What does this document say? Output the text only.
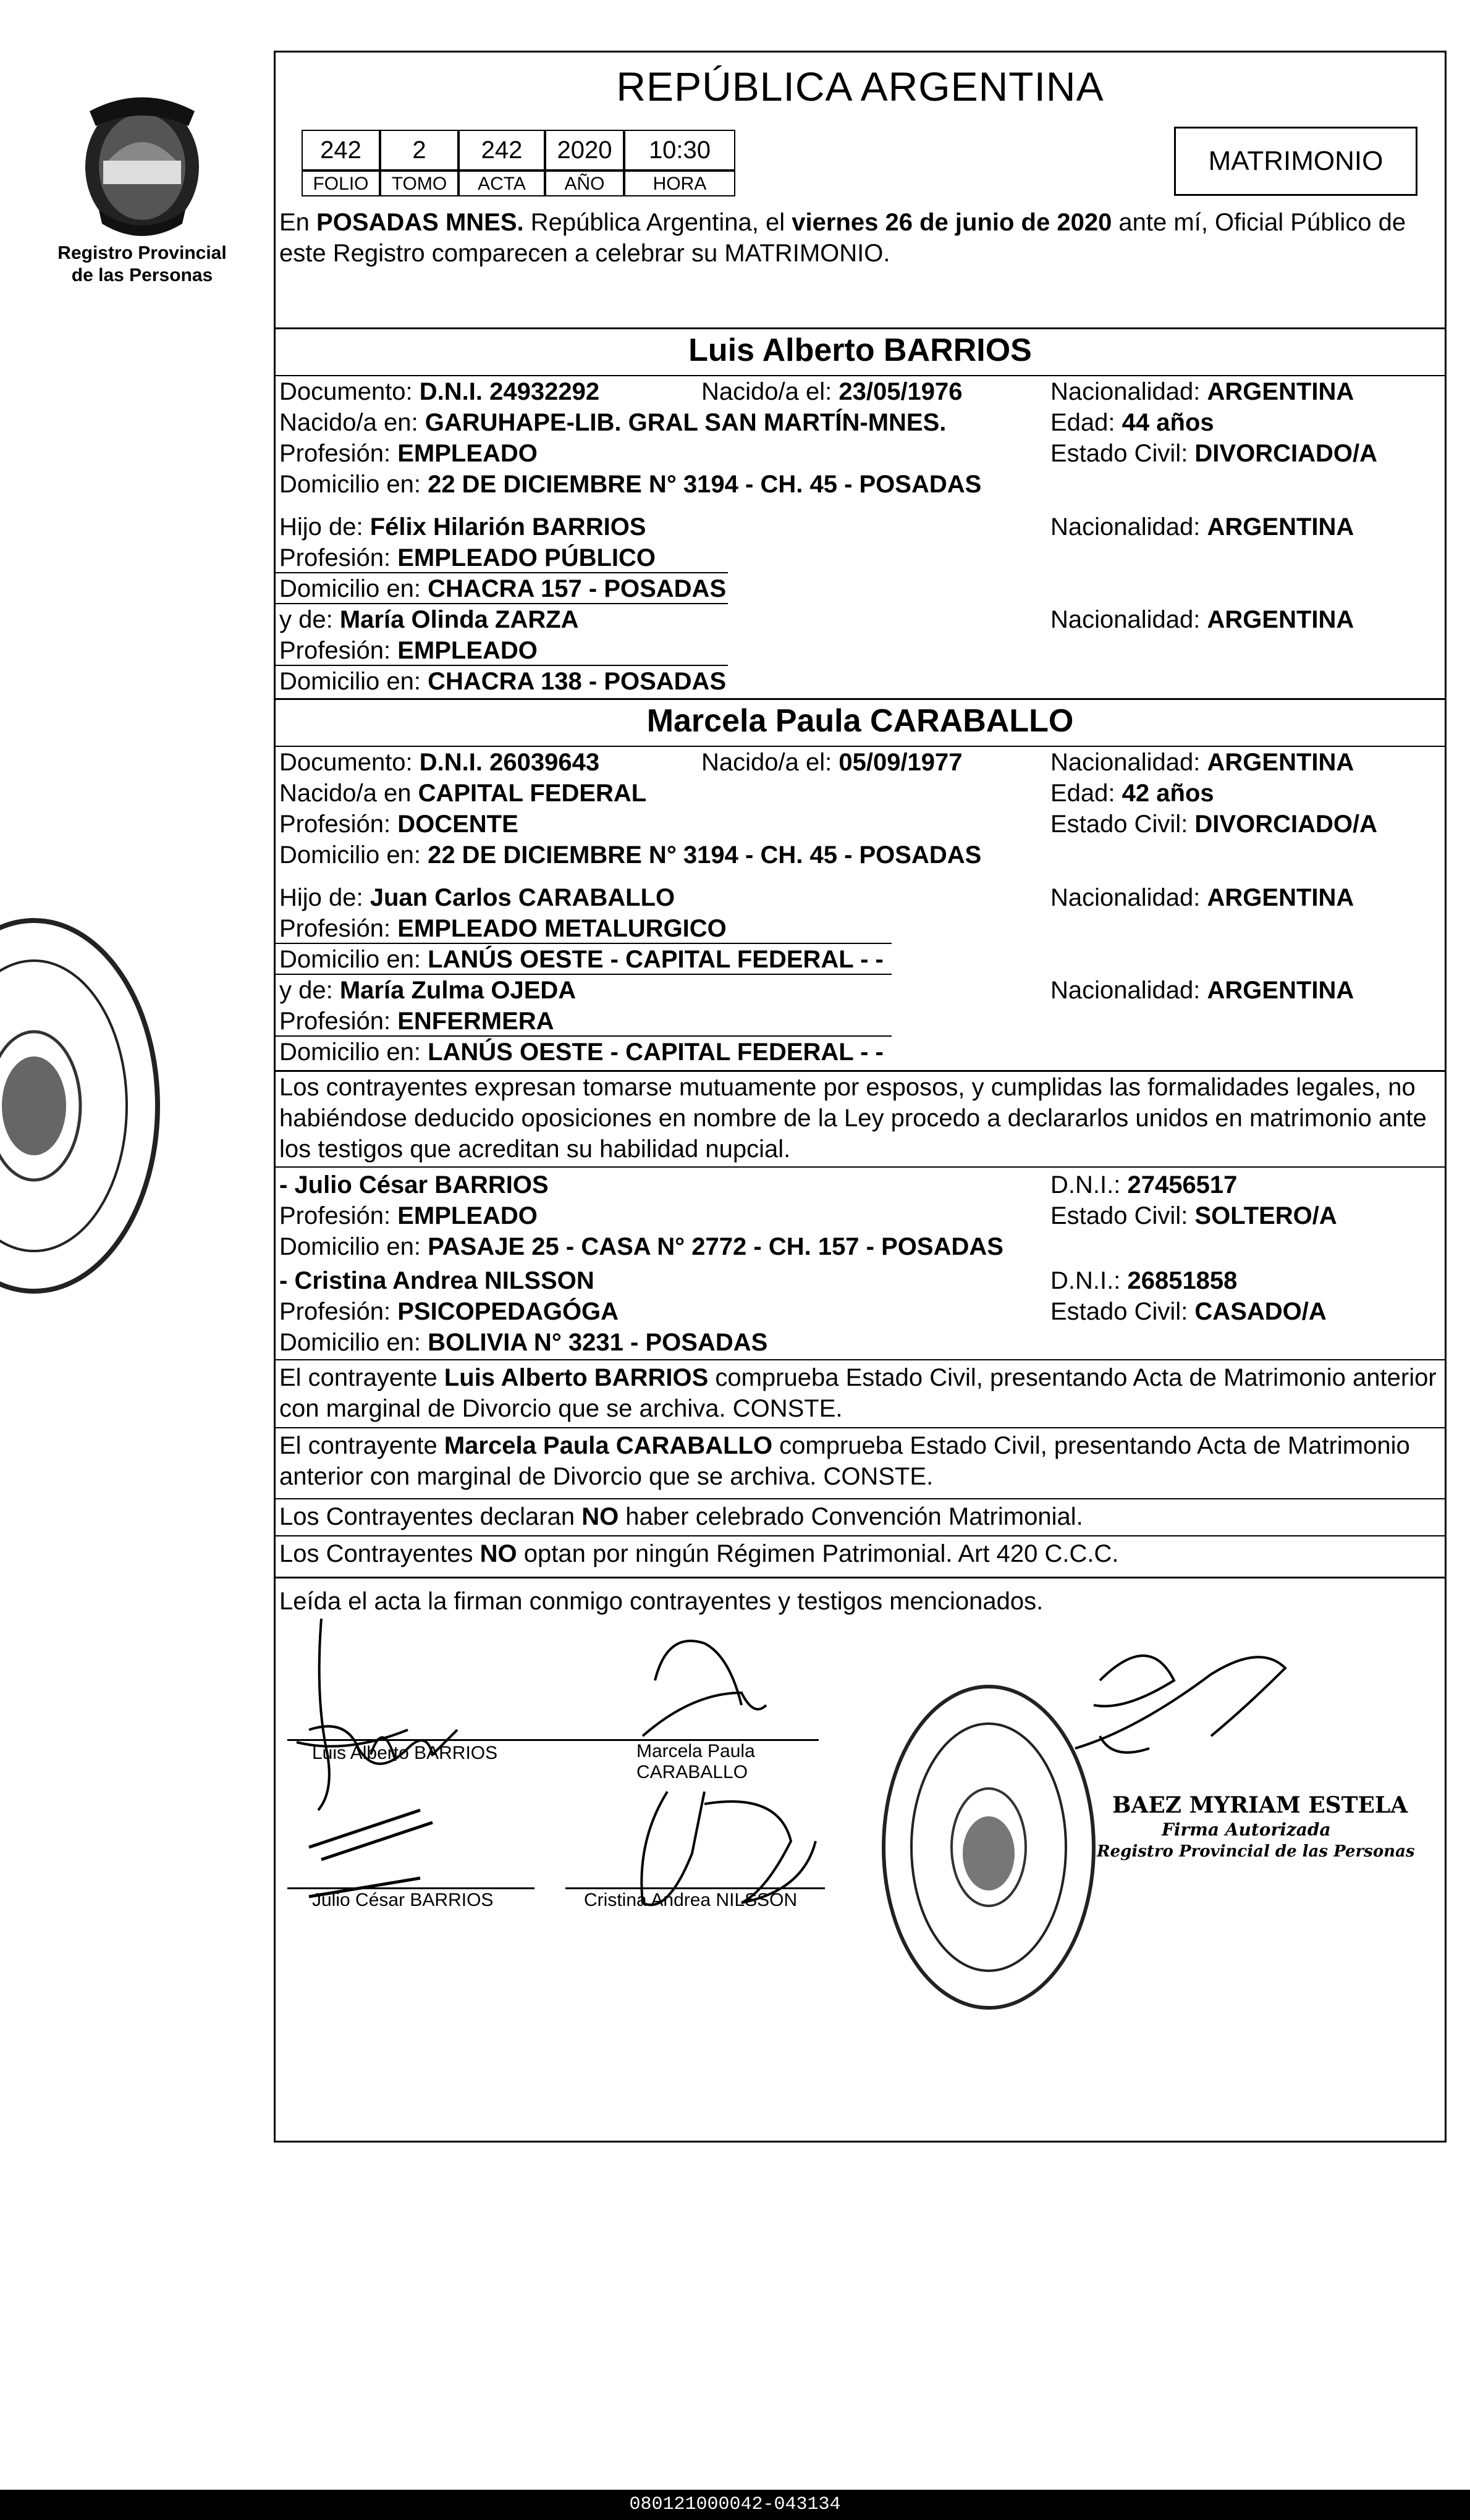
Registro Provincial
de las Personas
REPÚBLICA ARGENTINA
242	2	242	2020	10:30
FOLIO	TOMO	ACTA	AÑO	HORA
MATRIMONIO
En POSADAS MNES. República Argentina, el viernes 26 de junio de 2020 ante mí, Oficial Público de este Registro comparecen a celebrar su MATRIMONIO.
Luis Alberto BARRIOS
Documento: D.N.I. 24932292	Nacido/a el: 23/05/1976	Nacionalidad: ARGENTINA
Nacido/a en: GARUHAPE-LIB. GRAL SAN MARTÍN-MNES.	Edad: 44 años
Profesión: EMPLEADO	Estado Civil: DIVORCIADO/A
Domicilio en: 22 DE DICIEMBRE N° 3194 - CH. 45 - POSADAS
Hijo de: Félix Hilarión BARRIOS	Nacionalidad: ARGENTINA
Profesión: EMPLEADO PÚBLICO
Domicilio en: CHACRA 157 - POSADAS
y de: María Olinda ZARZA	Nacionalidad: ARGENTINA
Profesión: EMPLEADO
Domicilio en: CHACRA 138 - POSADAS
Marcela Paula CARABALLO
Documento: D.N.I. 26039643	Nacido/a el: 05/09/1977	Nacionalidad: ARGENTINA
Nacido/a en CAPITAL FEDERAL	Edad: 42 años
Profesión: DOCENTE	Estado Civil: DIVORCIADO/A
Domicilio en: 22 DE DICIEMBRE N° 3194 - CH. 45 - POSADAS
Hijo de: Juan Carlos CARABALLO	Nacionalidad: ARGENTINA
Profesión: EMPLEADO METALURGICO
Domicilio en: LANÚS OESTE - CAPITAL FEDERAL - -
y de: María Zulma OJEDA	Nacionalidad: ARGENTINA
Profesión: ENFERMERA
Domicilio en: LANÚS OESTE - CAPITAL FEDERAL - -
Los contrayentes expresan tomarse mutuamente por esposos, y cumplidas las formalidades legales, no habiéndose deducido oposiciones en nombre de la Ley procedo a declararlos unidos en matrimonio ante los testigos que acreditan su habilidad nupcial.
- Julio César BARRIOS	D.N.I.: 27456517
Profesión: EMPLEADO	Estado Civil: SOLTERO/A
Domicilio en: PASAJE 25 - CASA N° 2772 - CH. 157 - POSADAS
- Cristina Andrea NILSSON	D.N.I.: 26851858
Profesión: PSICOPEDAGÓGA	Estado Civil: CASADO/A
Domicilio en: BOLIVIA N° 3231 - POSADAS
El contrayente Luis Alberto BARRIOS comprueba Estado Civil, presentando Acta de Matrimonio anterior con marginal de Divorcio que se archiva. CONSTE.
El contrayente Marcela Paula CARABALLO comprueba Estado Civil, presentando Acta de Matrimonio anterior con marginal de Divorcio que se archiva. CONSTE.
Los Contrayentes declaran NO haber celebrado Convención Matrimonial.
Los Contrayentes NO optan por ningún Régimen Patrimonial. Art 420 C.C.C.
Leída el acta la firman conmigo contrayentes y testigos mencionados.
Luis Alberto BARRIOS	Marcela Paula
CARABALLO
Julio César BARRIOS	Cristina Andrea NILSSON
BAEZ MYRIAM ESTELA
Firma Autorizada
Registro Provincial de las Personas
080121000042-043134
